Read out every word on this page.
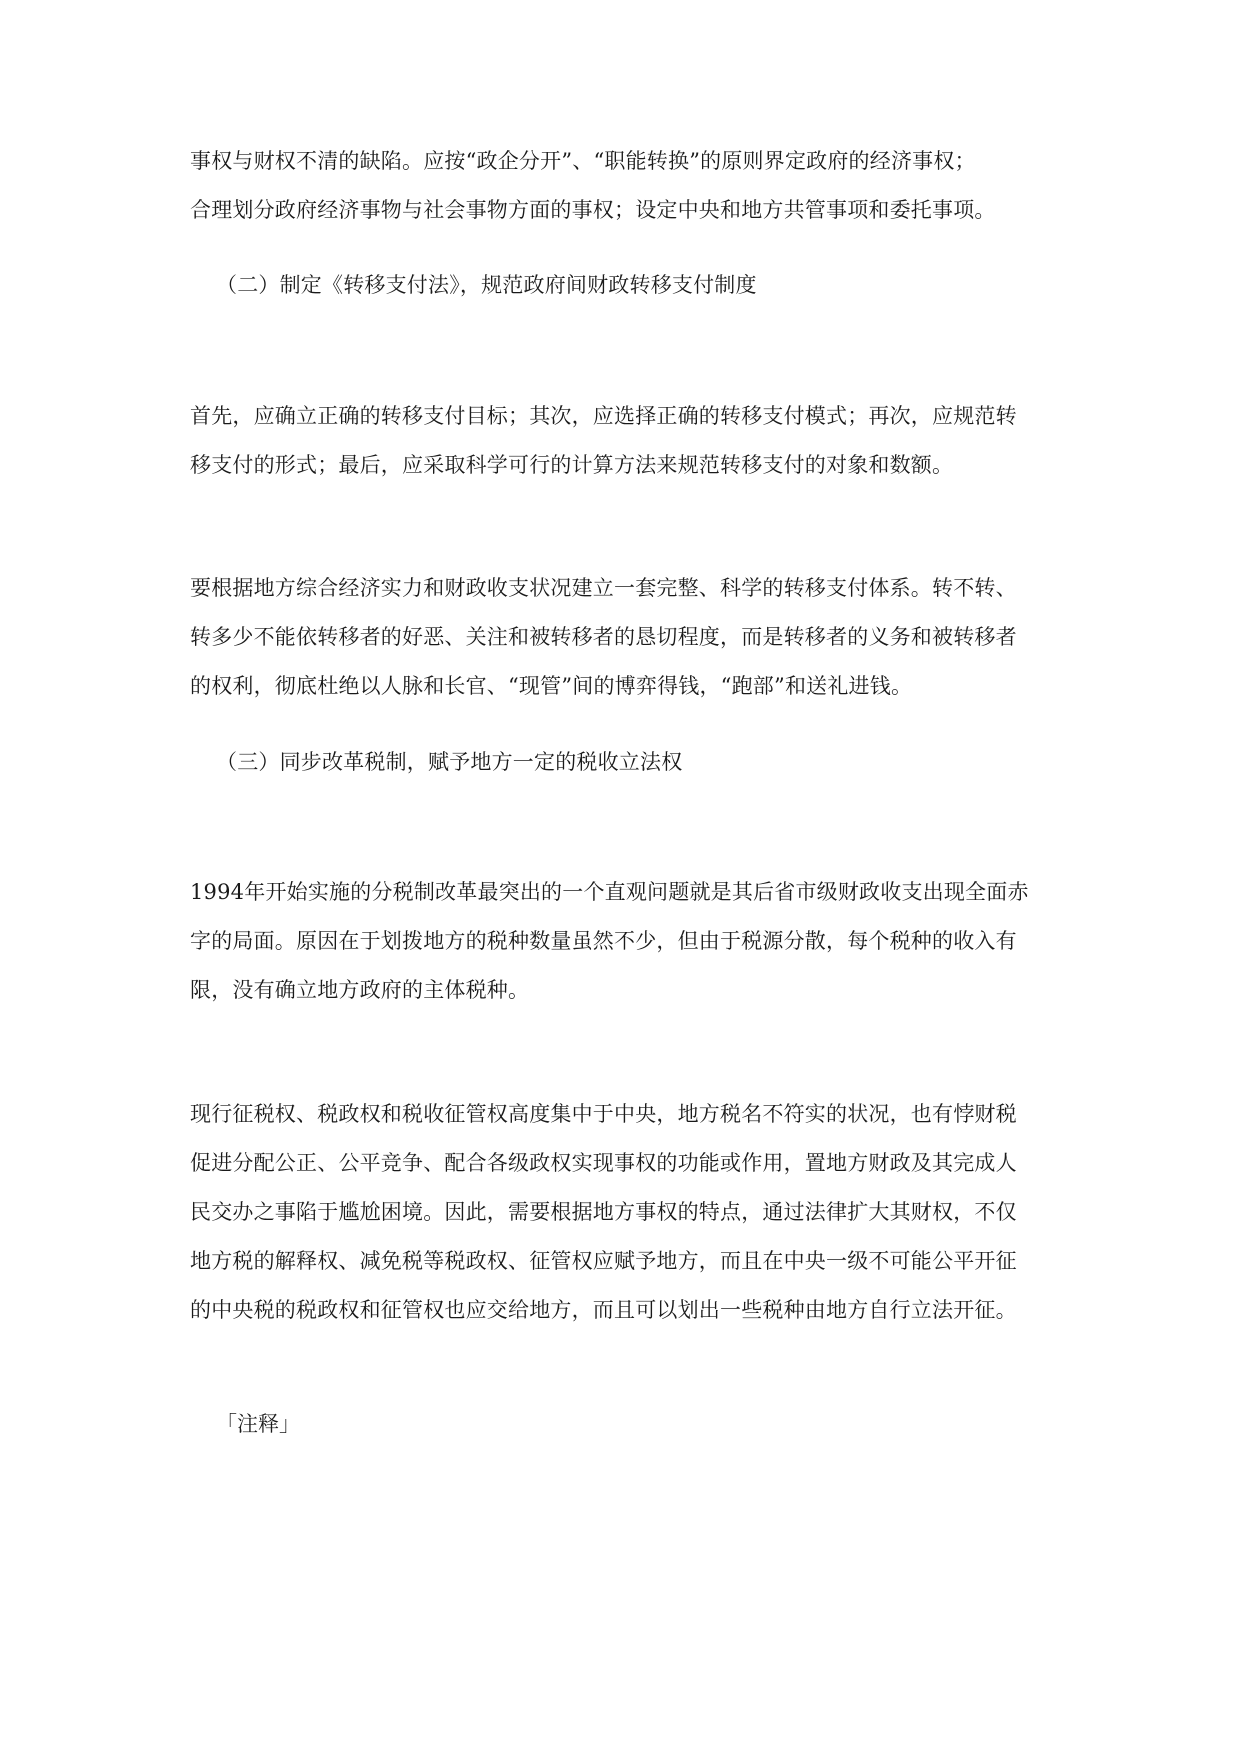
事权与财权不清的缺陷。应按“政企分开”、“职能转换”的原则界定政府的经济事权；
合理划分政府经济事物与社会事物方面的事权；设定中央和地方共管事项和委托事项。
（二）制定《转移支付法》，规范政府间财政转移支付制度
首先，应确立正确的转移支付目标；其次，应选择正确的转移支付模式；再次，应规范转
移支付的形式；最后，应采取科学可行的计算方法来规范转移支付的对象和数额。
要根据地方综合经济实力和财政收支状况建立一套完整、科学的转移支付体系。转不转、
转多少不能依转移者的好恶、关注和被转移者的恳切程度，而是转移者的义务和被转移者
的权利，彻底杜绝以人脉和长官、“现管”间的博弈得钱，“跑部”和送礼进钱。
（三）同步改革税制，赋予地方一定的税收立法权
1994年开始实施的分税制改革最突出的一个直观问题就是其后省市级财政收支出现全面赤
字的局面。原因在于划拨地方的税种数量虽然不少，但由于税源分散，每个税种的收入有
限，没有确立地方政府的主体税种。
现行征税权、税政权和税收征管权高度集中于中央，地方税名不符实的状况，也有悖财税
促进分配公正、公平竞争、配合各级政权实现事权的功能或作用，置地方财政及其完成人
民交办之事陷于尴尬困境。因此，需要根据地方事权的特点，通过法律扩大其财权，不仅
地方税的解释权、减免税等税政权、征管权应赋予地方，而且在中央一级不可能公平开征
的中央税的税政权和征管权也应交给地方，而且可以划出一些税种由地方自行立法开征。
「注释」
